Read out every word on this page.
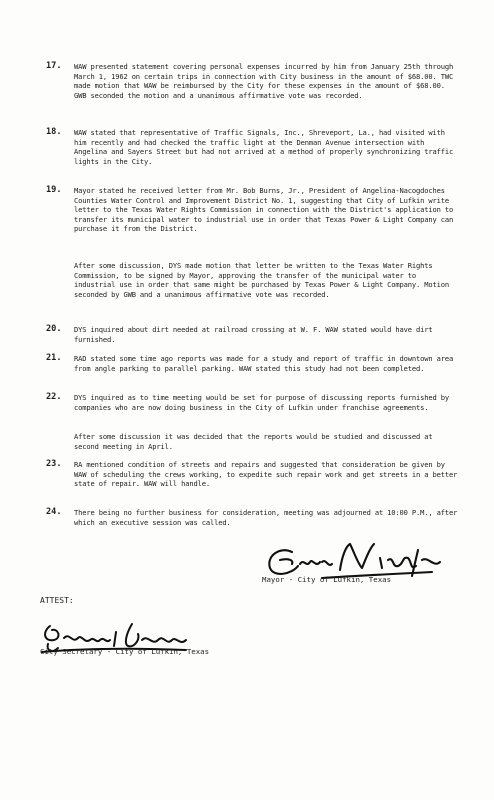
17. WAW presented statement covering personal expenses incurred by him from January 25th through March 1, 1962 on certain trips in connection with City business in the amount of $68.00. TWC made motion that WAW be reimbursed by the City for these expenses in the amount of $68.00. GWB seconded the motion and a unanimous affirmative vote was recorded.
18. WAW stated that representative of Traffic Signals, Inc., Shreveport, La., had visited with him recently and had checked the traffic light at the Denman Avenue intersection with Angelina and Sayers Street but had not arrived at a method of properly synchronizing traffic lights in the City.
19. Mayor stated he received letter from Mr. Bob Burns, Jr., President of Angelina-Nacogdoches Counties Water Control and Improvement District No. 1, suggesting that City of Lufkin write letter to the Texas Water Rights Commission in connection with the District's application to transfer its municipal water to industrial use in order that Texas Power & Light Company can purchase it from the District.
After some discussion, DYS made motion that letter be written to the Texas Water Rights Commission, to be signed by Mayor, approving the transfer of the municipal water to industrial use in order that same might be purchased by Texas Power & Light Company. Motion seconded by GWB and a unanimous affirmative vote was recorded.
20. DYS inquired about dirt needed at railroad crossing at W. F. WAW stated would have dirt furnished.
21. RAD stated some time ago reports was made for a study and report of traffic in downtown area from angle parking to parallel parking. WAW stated this study had not been completed.
22. DYS inquired as to time meeting would be set for purpose of discussing reports furnished by companies who are now doing business in the City of Lufkin under franchise agreements.
After some discussion it was decided that the reports would be studied and discussed at second meeting in April.
23. RA mentioned condition of streets and repairs and suggested that consideration be given by WAW of scheduling the crews working, to expedite such repair work and get streets in a better state of repair. WAW will handle.
24. There being no further business for consideration, meeting was adjourned at 10:00 P.M., after which an executive session was called.
Mayor - City of Lufkin, Texas
ATTEST:
City Secretary - City of Lufkin, Texas
